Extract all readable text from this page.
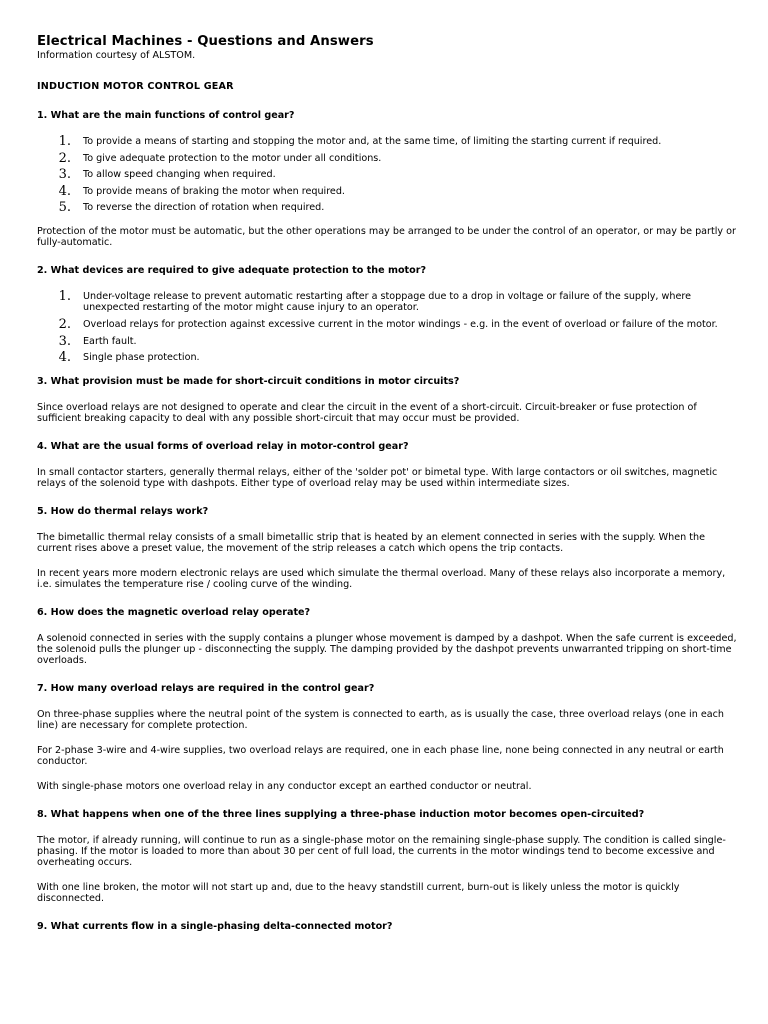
Electrical Machines - Questions and Answers
Information courtesy of ALSTOM.
INDUCTION MOTOR CONTROL GEAR
1. What are the main functions of control gear?
1. To provide a means of starting and stopping the motor and, at the same time, of limiting the starting current if required.
2. To give adequate protection to the motor under all conditions.
3. To allow speed changing when required.
4. To provide means of braking the motor when required.
5. To reverse the direction of rotation when required.
Protection of the motor must be automatic, but the other operations may be arranged to be under the control of an operator, or may be partly or fully-automatic.
2. What devices are required to give adequate protection to the motor?
1. Under-voltage release to prevent automatic restarting after a stoppage due to a drop in voltage or failure of the supply, where unexpected restarting of the motor might cause injury to an operator.
2. Overload relays for protection against excessive current in the motor windings - e.g. in the event of overload or failure of the motor.
3. Earth fault.
4. Single phase protection.
3. What provision must be made for short-circuit conditions in motor circuits?
Since overload relays are not designed to operate and clear the circuit in the event of a short-circuit. Circuit-breaker or fuse protection of sufficient breaking capacity to deal with any possible short-circuit that may occur must be provided.
4. What are the usual forms of overload relay in motor-control gear?
In small contactor starters, generally thermal relays, either of the 'solder pot' or bimetal type. With large contactors or oil switches, magnetic relays of the solenoid type with dashpots. Either type of overload relay may be used within intermediate sizes.
5. How do thermal relays work?
The bimetallic thermal relay consists of a small bimetallic strip that is heated by an element connected in series with the supply. When the current rises above a preset value, the movement of the strip releases a catch which opens the trip contacts.
In recent years more modern electronic relays are used which simulate the thermal overload. Many of these relays also incorporate a memory, i.e. simulates the temperature rise / cooling curve of the winding.
6. How does the magnetic overload relay operate?
A solenoid connected in series with the supply contains a plunger whose movement is damped by a dashpot. When the safe current is exceeded, the solenoid pulls the plunger up - disconnecting the supply. The damping provided by the dashpot prevents unwarranted tripping on short-time overloads.
7. How many overload relays are required in the control gear?
On three-phase supplies where the neutral point of the system is connected to earth, as is usually the case, three overload relays (one in each line) are necessary for complete protection.
For 2-phase 3-wire and 4-wire supplies, two overload relays are required, one in each phase line, none being connected in any neutral or earth conductor.
With single-phase motors one overload relay in any conductor except an earthed conductor or neutral.
8. What happens when one of the three lines supplying a three-phase induction motor becomes open-circuited?
The motor, if already running, will continue to run as a single-phase motor on the remaining single-phase supply. The condition is called single-phasing. If the motor is loaded to more than about 30 per cent of full load, the currents in the motor windings tend to become excessive and overheating occurs.
With one line broken, the motor will not start up and, due to the heavy standstill current, burn-out is likely unless the motor is quickly disconnected.
9. What currents flow in a single-phasing delta-connected motor?
